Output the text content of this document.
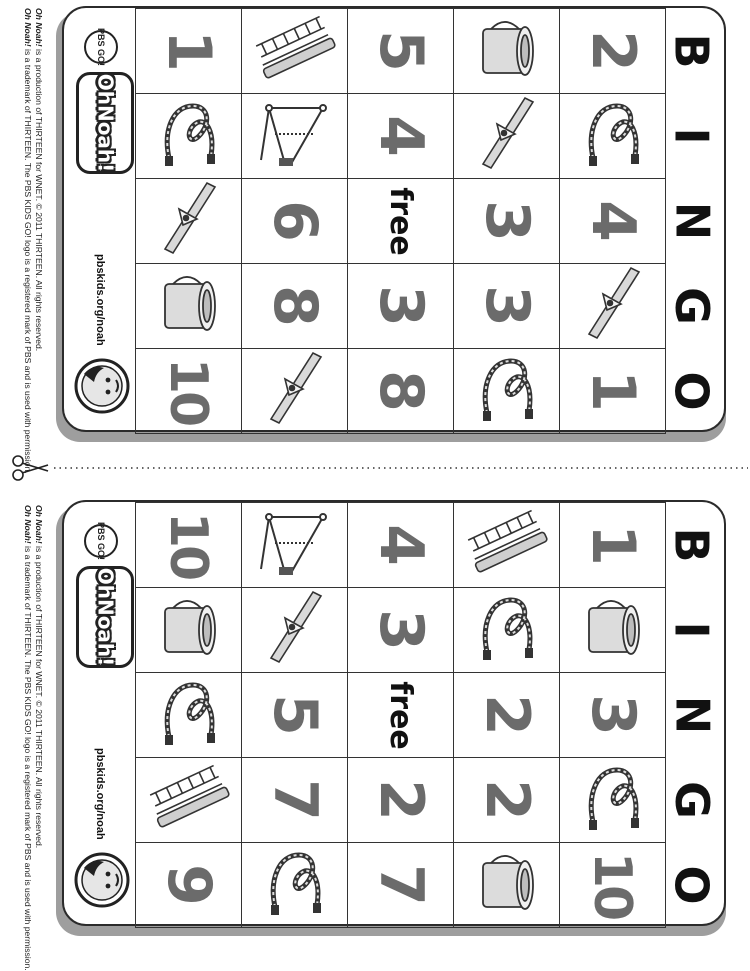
Oh Noah! is a production of THIRTEEN for WNET. © 2011 THIRTEEN. All rights reserved.

Oh Noah! is a trademark of THIRTEEN. The PBS KIDS GO! logo is a registered mark of PBS and is used with permission.	PBS GO!
OhNoah!
pbskids.org/noah
1 5 2
4
6 free 3 4
8 3 3
10 8 1
B
I
N
G
O

Oh Noah! is a production of THIRTEEN for WNET. © 2011 THIRTEEN. All rights reserved.

Oh Noah! is a trademark of THIRTEEN. The PBS KIDS GO! logo is a registered mark of PBS and is used with permission.

PBS GO!
OhNoah!
pbskids.org/noah
10 4 1
3
5 free 2 3
7 2 2
9 7	10
B
I
N
G
O
